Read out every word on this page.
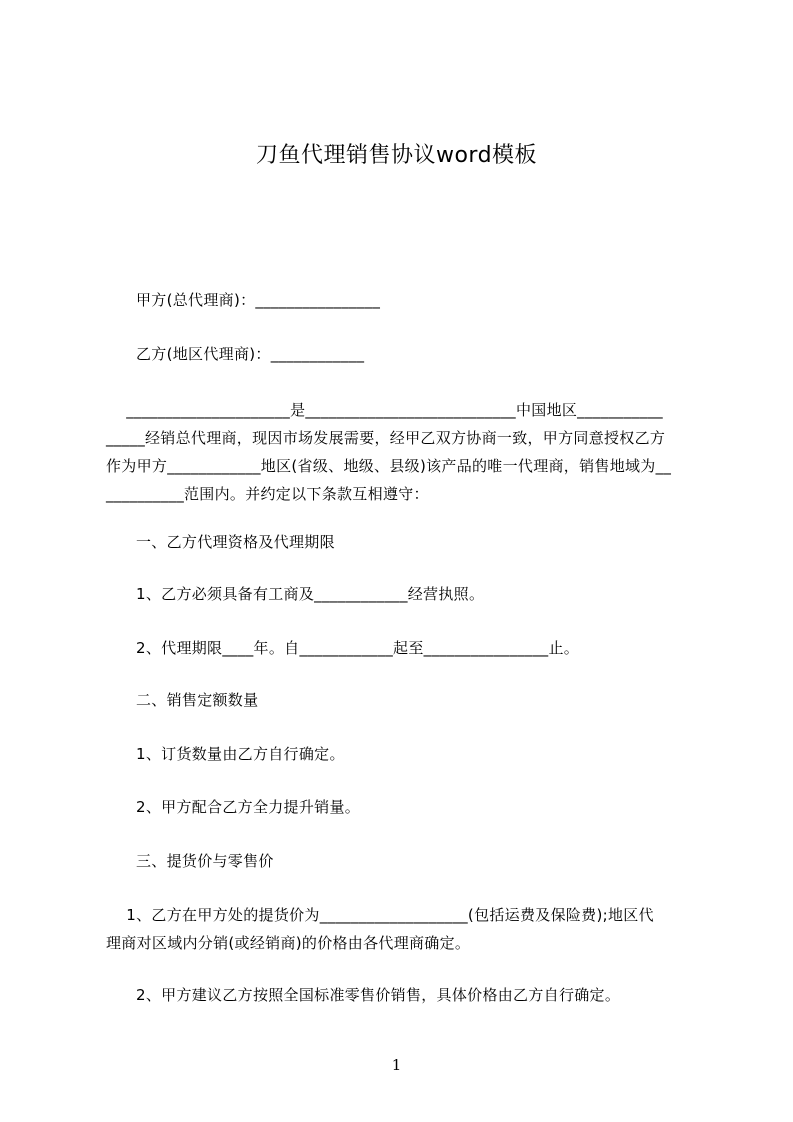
刀鱼代理销售协议word模板
甲方(总代理商)：________________
乙方(地区代理商)：____________
_____________________是___________________________中国地区___________
_____经销总代理商，现因市场发展需要，经甲乙双方协商一致，甲方同意授权乙方
作为甲方____________地区(省级、地级、县级)该产品的唯一代理商，销售地域为__
__________范围内。并约定以下条款互相遵守：
一、乙方代理资格及代理期限
1、乙方必须具备有工商及____________经营执照。
2、代理期限____年。自____________起至________________止。
二、销售定额数量
1、订货数量由乙方自行确定。
2、甲方配合乙方全力提升销量。
三、提货价与零售价
1、乙方在甲方处的提货价为___________________(包括运费及保险费);地区代
理商对区域内分销(或经销商)的价格由各代理商确定。
2、甲方建议乙方按照全国标准零售价销售，具体价格由乙方自行确定。
1
